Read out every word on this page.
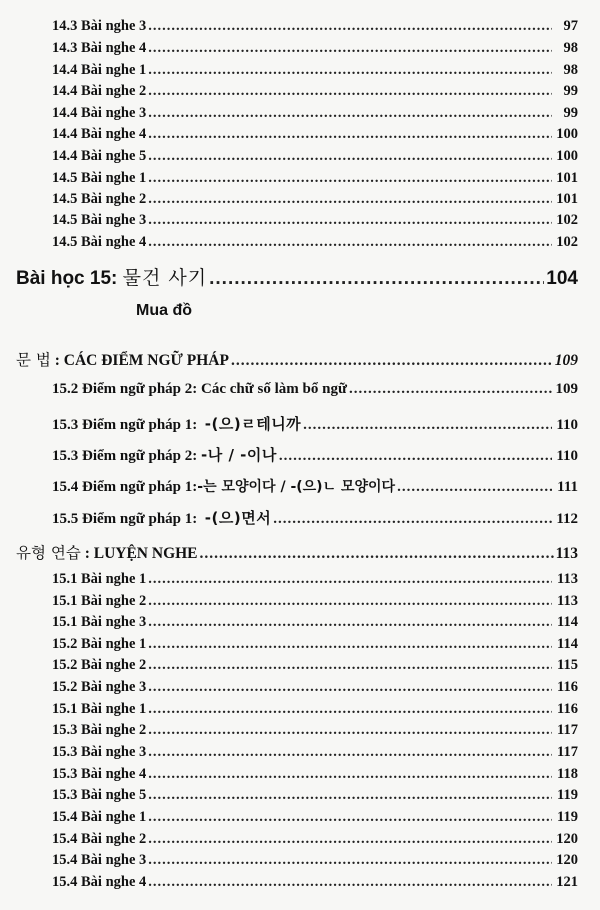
14.3 Bài nghe 3 .....	97
14.3 Bài nghe 4 .....	98
14.4 Bài nghe 1 .....	98
14.4 Bài nghe 2 .....	99
14.4 Bài nghe 3 .....	99
14.4 Bài nghe 4 .....	100
14.4 Bài nghe 5 .....	100
14.5 Bài nghe 1 .....	101
14.5 Bài nghe 2 .....	101
14.5 Bài nghe 3 .....	102
14.5 Bài nghe 4 .....	102
Bài học 15: 물건 사기 .....	104
Mua đồ
문 법 : CÁC ĐIỂM NGỮ PHÁP .....	109
15.2 Điểm ngữ pháp 2: Các chữ số làm bổ ngữ .....	109
15.3 Điểm ngữ pháp 1: -(으)ㄹ테니까 .....	110
15.3 Điểm ngữ pháp 2: -나 / -이나 .....	110
15.4 Điểm ngữ pháp 1:-는 모양이다 / -(으)ㄴ 모양이다 .....	111
15.5 Điểm ngữ pháp 1: -(으)면서 .....	112
유형 연습 : LUYỆN NGHE .....	113
15.1 Bài nghe 1 .....	113
15.1 Bài nghe 2 .....	113
15.1 Bài nghe 3 .....	114
15.2 Bài nghe 1 .....	114
15.2 Bài nghe 2 .....	115
15.2 Bài nghe 3 .....	116
15.1 Bài nghe 1 .....	116
15.3 Bài nghe 2 .....	117
15.3 Bài nghe 3 .....	117
15.3 Bài nghe 4 .....	118
15.3 Bài nghe 5 .....	119
15.4 Bài nghe 1 .....	119
15.4 Bài nghe 2 .....	120
15.4 Bài nghe 3 .....	120
15.4 Bài nghe 4 .....	121
